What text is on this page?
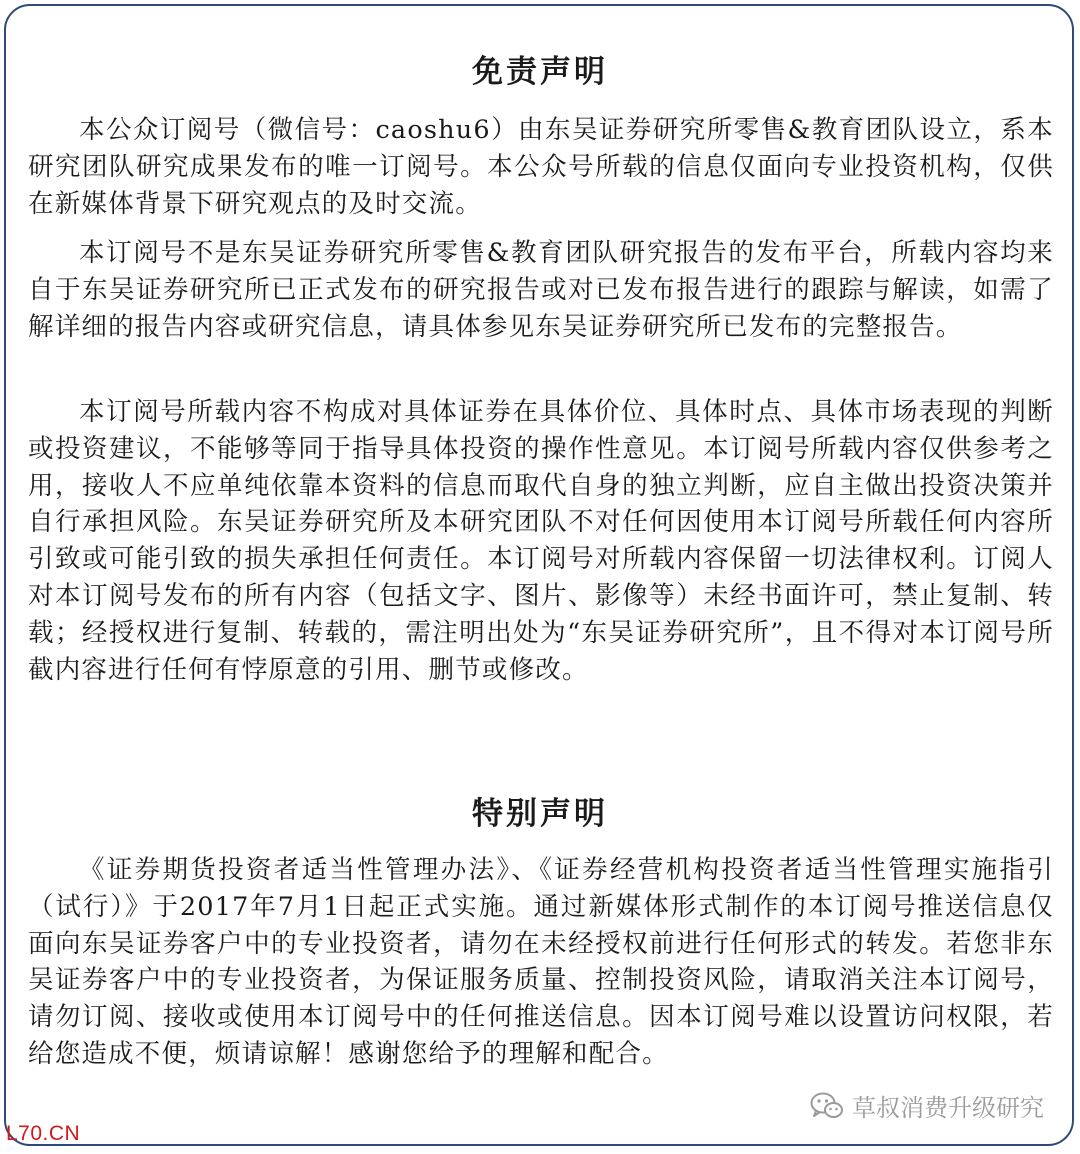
免责声明

本公众订阅号（微信号：caoshu6）由东吴证券研究所零售&教育团队设立，系本研究团队研究成果发布的唯一订阅号。本公众号所载的信息仅面向专业投资机构，仅供在新媒体背景下研究观点的及时交流。

本订阅号不是东吴证券研究所零售&教育团队研究报告的发布平台，所载内容均来自于东吴证券研究所已正式发布的研究报告或对已发布报告进行的跟踪与解读，如需了解详细的报告内容或研究信息，请具体参见东吴证券研究所已发布的完整报告。

本订阅号所载内容不构成对具体证券在具体价位、具体时点、具体市场表现的判断或投资建议，不能够等同于指导具体投资的操作性意见。本订阅号所载内容仅供参考之用，接收人不应单纯依靠本资料的信息而取代自身的独立判断，应自主做出投资决策并自行承担风险。东吴证券研究所及本研究团队不对任何因使用本订阅号所载任何内容所引致或可能引致的损失承担任何责任。本订阅号对所载内容保留一切法律权利。订阅人对本订阅号发布的所有内容（包括文字、图片、影像等）未经书面许可，禁止复制、转载；经授权进行复制、转载的，需注明出处为“东吴证券研究所”，且不得对本订阅号所截内容进行任何有悖原意的引用、删节或修改。

特别声明

《证券期货投资者适当性管理办法》、《证券经营机构投资者适当性管理实施指引（试行）》于2017年7月1日起正式实施。通过新媒体形式制作的本订阅号推送信息仅面向东吴证券客户中的专业投资者，请勿在未经授权前进行任何形式的转发。若您非东吴证券客户中的专业投资者，为保证服务质量、控制投资风险，请取消关注本订阅号，请勿订阅、接收或使用本订阅号中的任何推送信息。因本订阅号难以设置访问权限，若给您造成不便，烦请谅解！感谢您给予的理解和配合。

草叔消费升级研究
L70.CN
